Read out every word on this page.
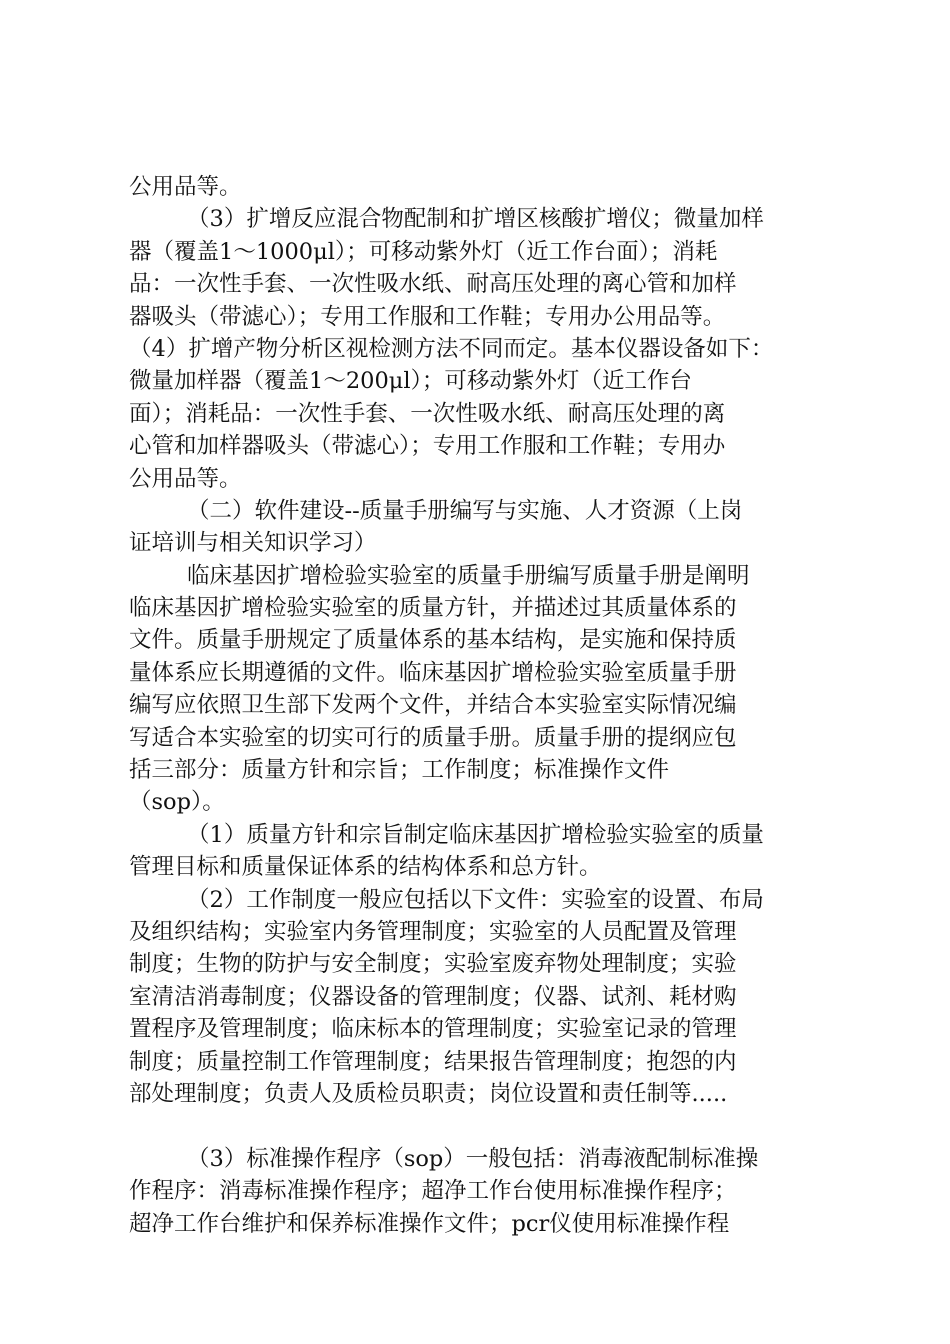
公用品等。
（3）扩增反应混合物配制和扩增区核酸扩增仪；微量加样
器（覆盖1～1000μl）；可移动紫外灯（近工作台面）；消耗
品：一次性手套、一次性吸水纸、耐高压处理的离心管和加样
器吸头（带滤心）；专用工作服和工作鞋；专用办公用品等。
（4）扩增产物分析区视检测方法不同而定。基本仪器设备如下：
微量加样器（覆盖1～200μl）；可移动紫外灯（近工作台
面）；消耗品：一次性手套、一次性吸水纸、耐高压处理的离
心管和加样器吸头（带滤心）；专用工作服和工作鞋；专用办
公用品等。
（二）软件建设--质量手册编写与实施、人才资源（上岗
证培训与相关知识学习）
临床基因扩增检验实验室的质量手册编写质量手册是阐明
临床基因扩增检验实验室的质量方针，并描述过其质量体系的
文件。质量手册规定了质量体系的基本结构，是实施和保持质
量体系应长期遵循的文件。临床基因扩增检验实验室质量手册
编写应依照卫生部下发两个文件，并结合本实验室实际情况编
写适合本实验室的切实可行的质量手册。质量手册的提纲应包
括三部分：质量方针和宗旨；工作制度；标准操作文件
（sop）。
（1）质量方针和宗旨制定临床基因扩增检验实验室的质量
管理目标和质量保证体系的结构体系和总方针。
（2）工作制度一般应包括以下文件：实验室的设置、布局
及组织结构；实验室内务管理制度；实验室的人员配置及管理
制度；生物的防护与安全制度；实验室废弃物处理制度；实验
室清洁消毒制度；仪器设备的管理制度；仪器、试剂、耗材购
置程序及管理制度；临床标本的管理制度；实验室记录的管理
制度；质量控制工作管理制度；结果报告管理制度；抱怨的内
部处理制度；负责人及质检员职责；岗位设置和责任制等.....
（3）标准操作程序（sop）一般包括：消毒液配制标准操
作程序：消毒标准操作程序；超净工作台使用标准操作程序；
超净工作台维护和保养标准操作文件；pcr仪使用标准操作程
